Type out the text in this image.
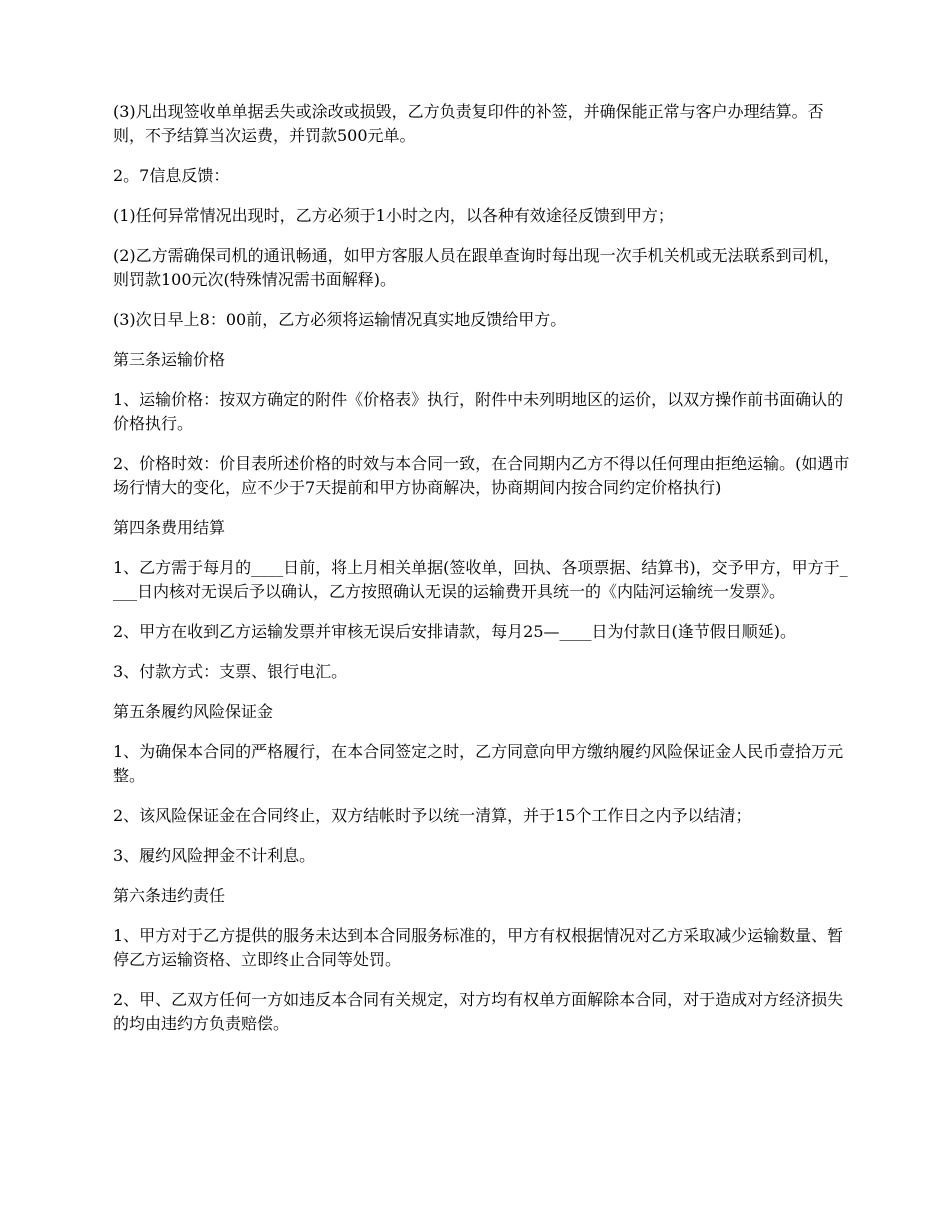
(3)凡出现签收单单据丢失或涂改或损毁，乙方负责复印件的补签，并确保能正常与客户办理结算。否则，不予结算当次运费，并罚款500元单。

2。7信息反馈：

(1)任何异常情况出现时，乙方必须于1小时之内，以各种有效途径反馈到甲方；

(2)乙方需确保司机的通讯畅通，如甲方客服人员在跟单查询时每出现一次手机关机或无法联系到司机，则罚款100元次(特殊情况需书面解释)。

(3)次日早上8：00前，乙方必须将运输情况真实地反馈给甲方。

第三条运输价格

1、运输价格：按双方确定的附件《价格表》执行，附件中未列明地区的运价，以双方操作前书面确认的价格执行。

2、价格时效：价目表所述价格的时效与本合同一致，在合同期内乙方不得以任何理由拒绝运输。(如遇市场行情大的变化，应不少于7天提前和甲方协商解决，协商期间内按合同约定价格执行)

第四条费用结算

1、乙方需于每月的____日前，将上月相关单据(签收单，回执、各项票据、结算书)，交予甲方，甲方于____日内核对无误后予以确认，乙方按照确认无误的运输费开具统一的《内陆河运输统一发票》。

2、甲方在收到乙方运输发票并审核无误后安排请款，每月25—____日为付款日(逢节假日顺延)。

3、付款方式：支票、银行电汇。

第五条履约风险保证金

1、为确保本合同的严格履行，在本合同签定之时，乙方同意向甲方缴纳履约风险保证金人民币壹拾万元整。

2、该风险保证金在合同终止，双方结帐时予以统一清算，并于15个工作日之内予以结清；

3、履约风险押金不计利息。

第六条违约责任

1、甲方对于乙方提供的服务未达到本合同服务标准的，甲方有权根据情况对乙方采取减少运输数量、暂停乙方运输资格、立即终止合同等处罚。

2、甲、乙双方任何一方如违反本合同有关规定，对方均有权单方面解除本合同，对于造成对方经济损失的均由违约方负责赔偿。
